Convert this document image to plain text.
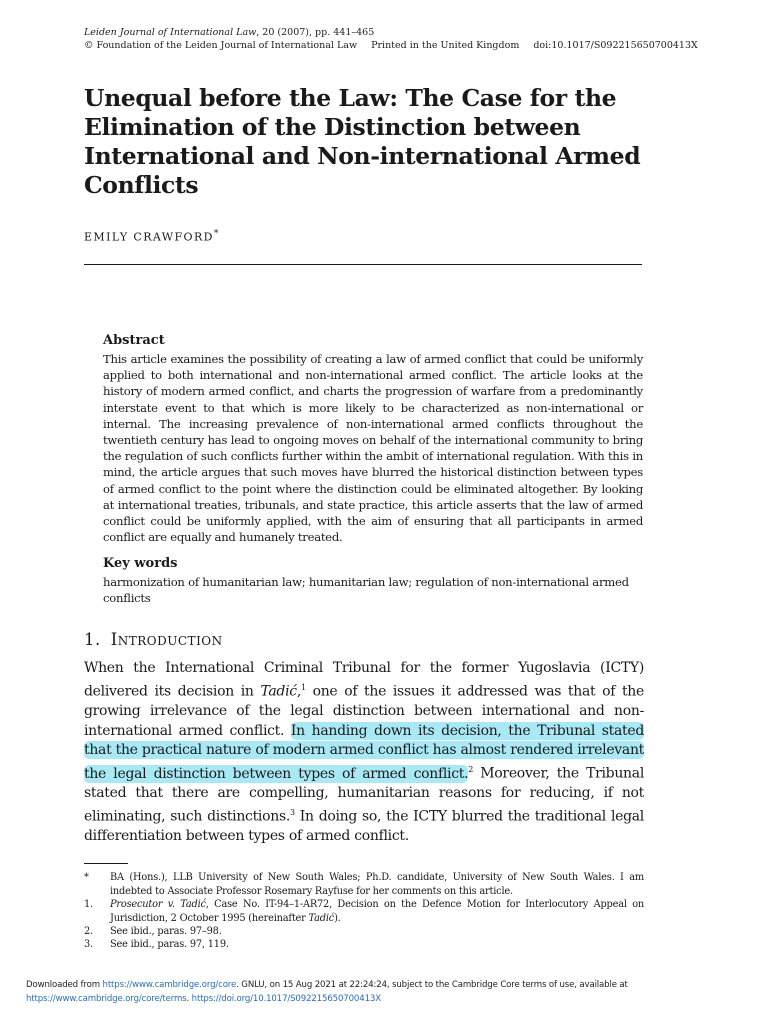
Leiden Journal of International Law, 20 (2007), pp. 441–465
© Foundation of the Leiden Journal of International Law Printed in the United Kingdom doi:10.1017/S092215650700413X
Unequal before the Law: The Case for the Elimination of the Distinction between International and Non-international Armed Conflicts
EMILY CRAWFORD*
Abstract

This article examines the possibility of creating a law of armed conflict that could be uniformly applied to both international and non-international armed conflict. The article looks at the history of modern armed conflict, and charts the progression of warfare from a predominantly interstate event to that which is more likely to be characterized as non-international or internal. The increasing prevalence of non-international armed conflicts throughout the twentieth century has lead to ongoing moves on behalf of the international community to bring the regulation of such conflicts further within the ambit of international regulation. With this in mind, the article argues that such moves have blurred the historical distinction between types of armed conflict to the point where the distinction could be eliminated altogether. By looking at international treaties, tribunals, and state practice, this article asserts that the law of armed conflict could be uniformly applied, with the aim of ensuring that all participants in armed conflict are equally and humanely treated.

Key words

harmonization of humanitarian law; humanitarian law; regulation of non-international armed conflicts

1. Introduction

When the International Criminal Tribunal for the former Yugoslavia (ICTY) delivered its decision in Tadić,$^1$ one of the issues it addressed was that of the growing irrelevance of the legal distinction between international and non-international armed conflict. In handing down its decision, the Tribunal stated that the practical nature of modern armed conflict has almost rendered irrelevant the legal distinction between types of armed conflict.$^2$ Moreover, the Tribunal stated that there are compelling, humanitarian reasons for reducing, if not eliminating, such distinctions.$^3$ In doing so, the ICTY blurred the traditional legal differentiation between types of armed conflict.

*	BA (Hons.), LLB University of New South Wales; Ph.D. candidate, University of New South Wales. I am indebted to Associate Professor Rosemary Rayfuse for her comments on this article.
1.	Prosecutor v. Tadić, Case No. IT-94–1-AR72, Decision on the Defence Motion for Interlocutory Appeal on Jurisdiction, 2 October 1995 (hereinafter Tadić).
2.	See ibid., paras. 97–98.
3.	See ibid., paras. 97, 119.
Downloaded from https://www.cambridge.org/core. GNLU, on 15 Aug 2021 at 22:24:24, subject to the Cambridge Core terms of use, available at
https://www.cambridge.org/core/terms. https://doi.org/10.1017/S092215650700413X
